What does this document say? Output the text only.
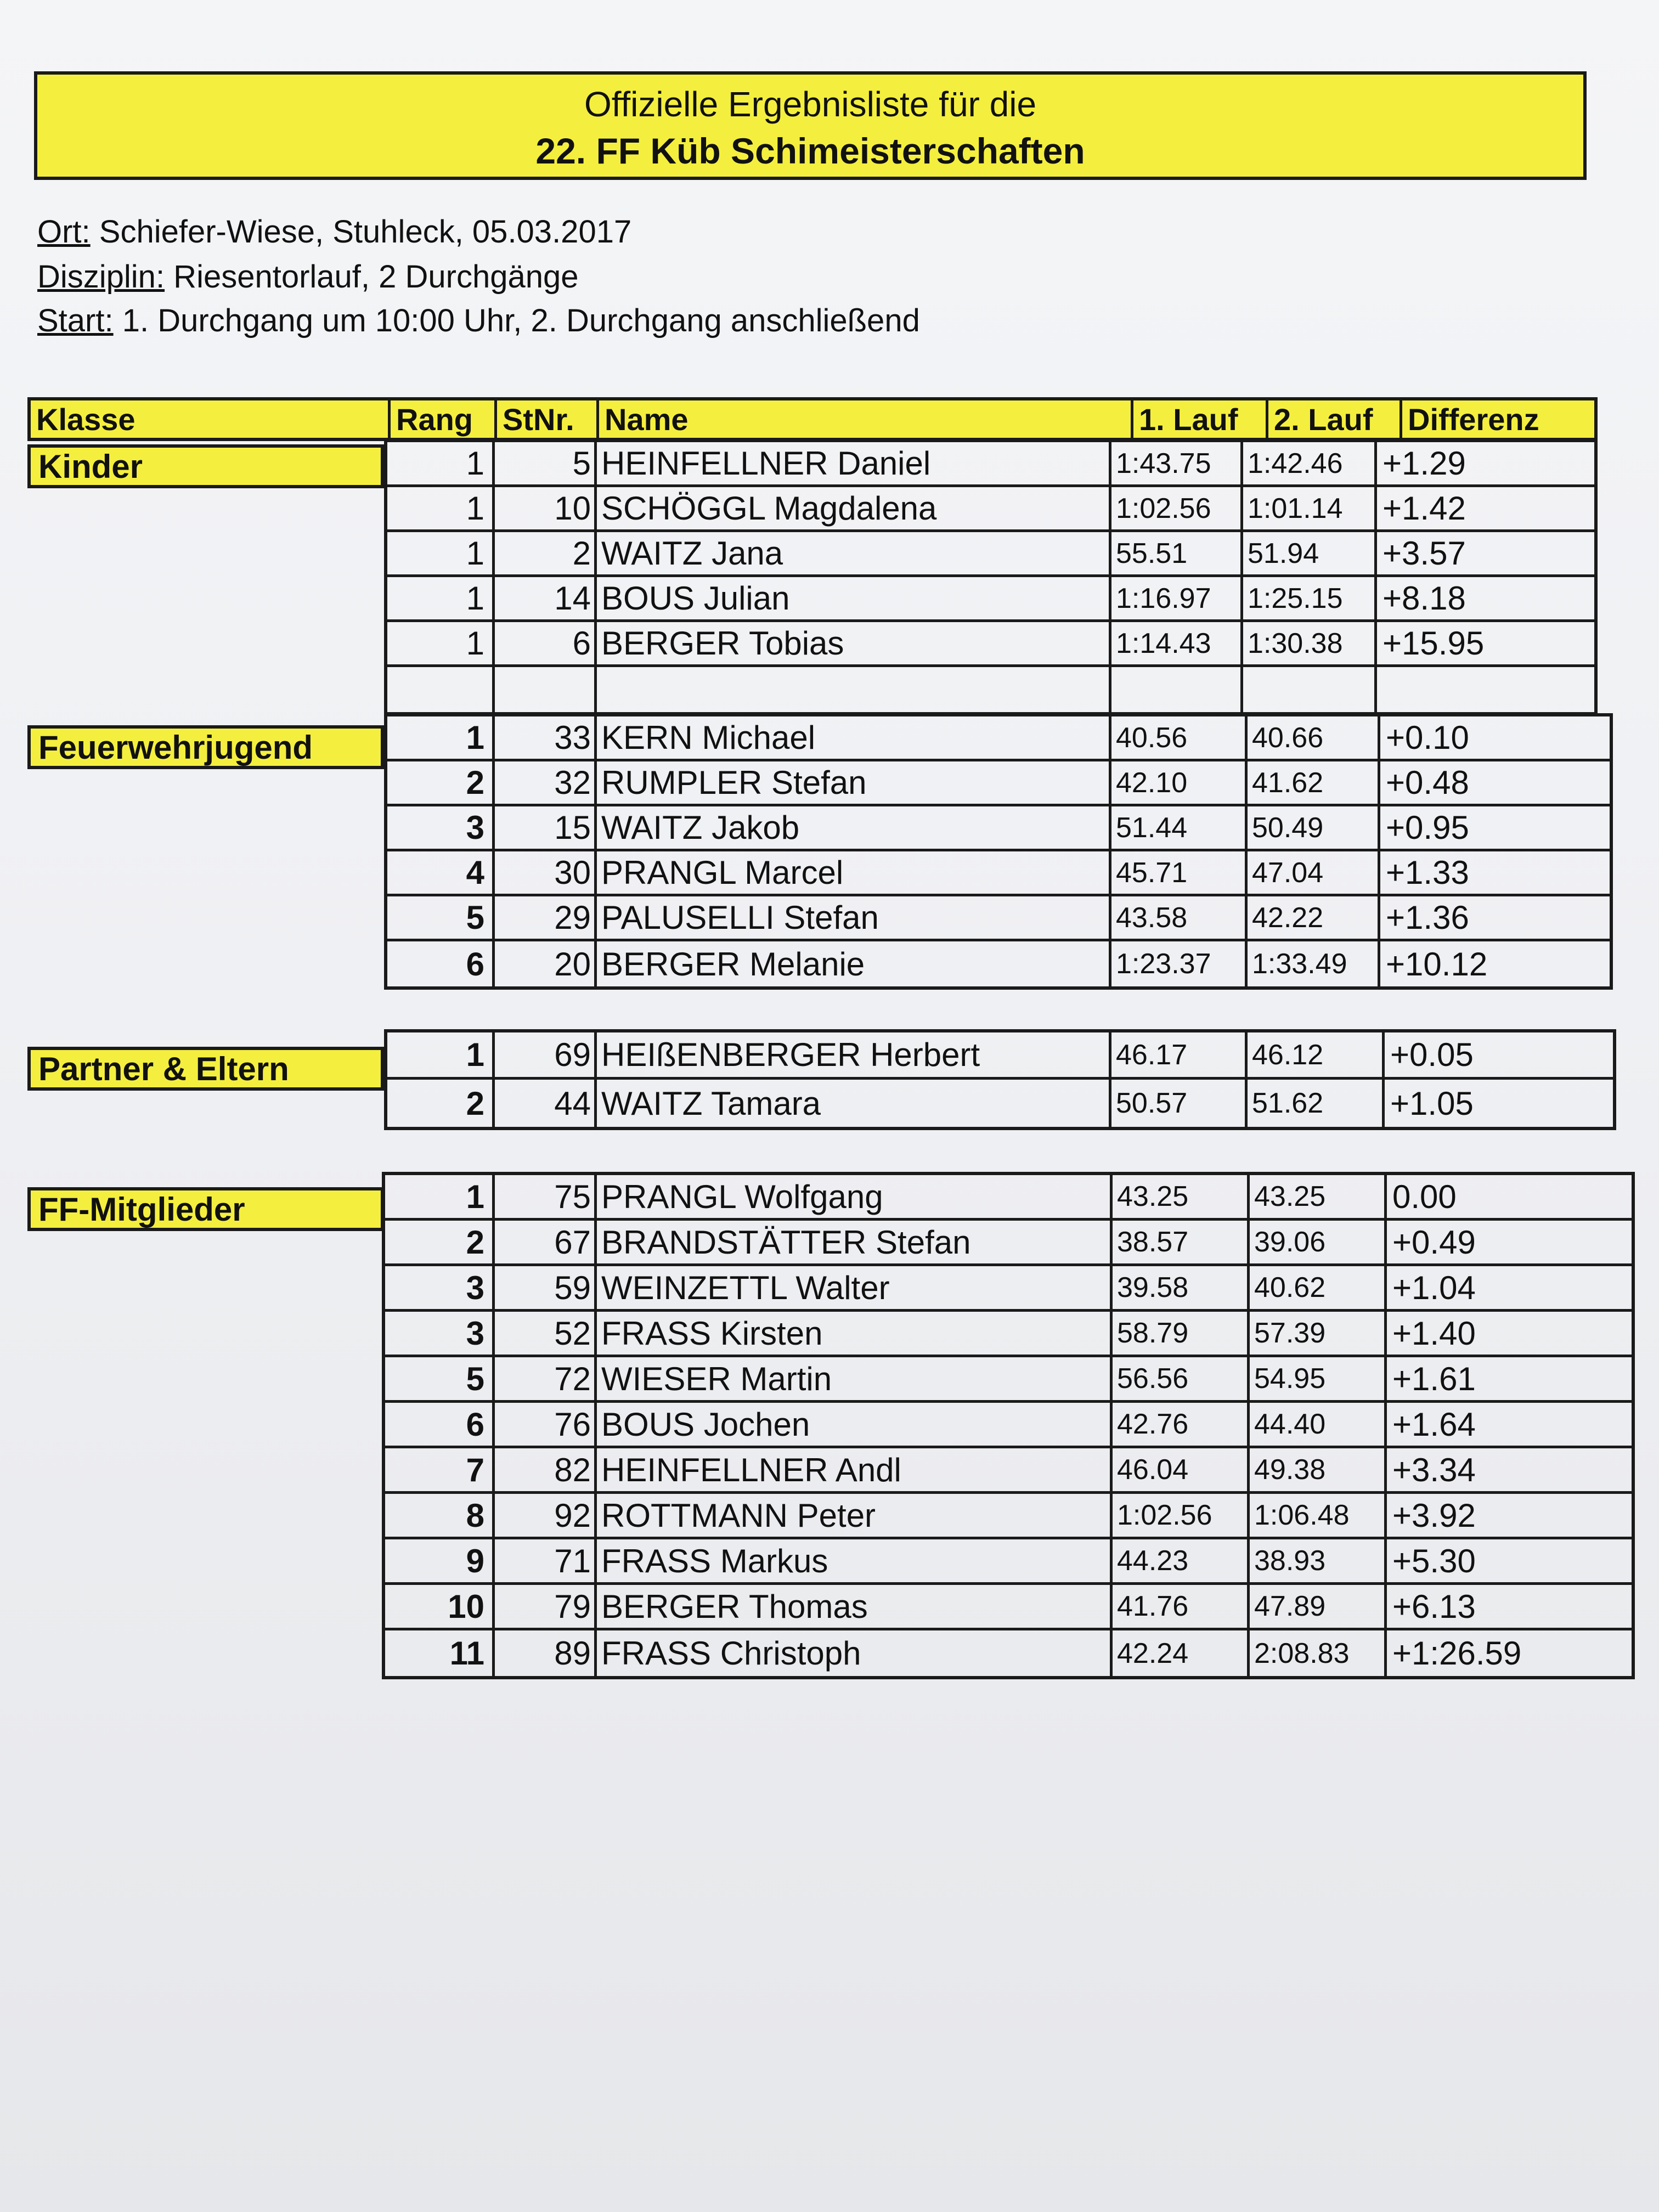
Offizielle Ergebnisliste für die
22. FF Küb Schimeisterschaften
Ort: Schiefer-Wiese, Stuhleck, 05.03.2017
Disziplin: Riesentorlauf, 2 Durchgänge
Start: 1. Durchgang um 10:00 Uhr, 2. Durchgang anschließend
Klasse	Rang StNr. Name	1. Lauf	2. Lauf	Differenz
Kinder	1	5 HEINFELLNER Daniel	1:43.75	1:42.46	+1.29
1	10 SCHÖGGL Magdalena	1:02.56	1:01.14	+1.42
1	2 WAITZ Jana	55.51	51.94	+3.57
1	14 BOUS Julian	1:16.97	1:25.15	+8.18
1	6 BERGER Tobias	1:14.43	1:30.38	+15.95
Feuerwehrjugend	1	33 KERN Michael	40.56	40.66	+0.10
2	32 RUMPLER Stefan	42.10	41.62	+0.48
3	15 WAITZ Jakob	51.44	50.49	+0.95
4	30 PRANGL Marcel	45.71	47.04	+1.33
5	29 PALUSELLI Stefan	43.58	42.22	+1.36
6	20 BERGER Melanie	1:23.37	1:33.49	+10.12
Partner & Eltern	1	69 HEIßENBERGER Herbert	46.17	46.12	+0.05
2	44 WAITZ Tamara	50.57	51.62	+1.05
FF-Mitglieder	1	75 PRANGL Wolfgang	43.25	43.25	0.00
2	67 BRANDSTÄTTER Stefan	38.57	39.06	+0.49
3	59 WEINZETTL Walter	39.58	40.62	+1.04
3	52 FRASS Kirsten	58.79	57.39	+1.40
5	72 WIESER Martin	56.56	54.95	+1.61
6	76 BOUS Jochen	42.76	44.40	+1.64
7	82 HEINFELLNER Andl	46.04	49.38	+3.34
8	92 ROTTMANN Peter	1:02.56	1:06.48	+3.92
9	71 FRASS Markus	44.23	38.93	+5.30
10	79 BERGER Thomas	41.76	47.89	+6.13
11	89 FRASS Christoph	42.24	2:08.83	+1:26.59
